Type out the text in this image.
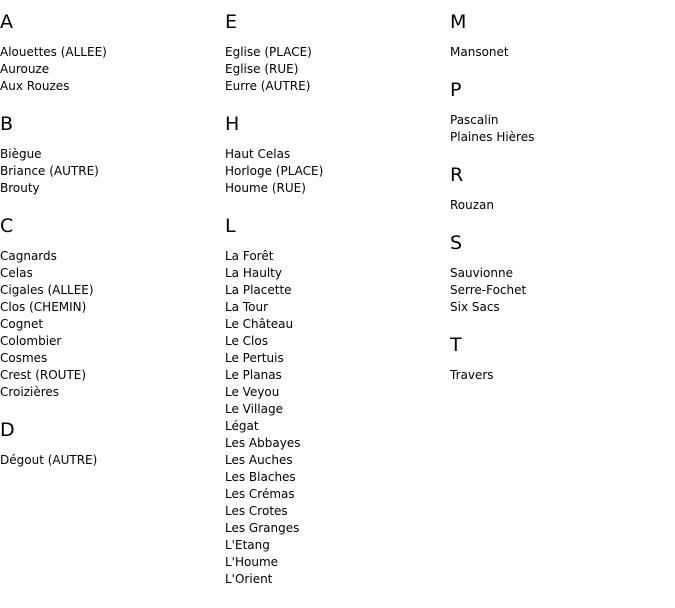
A
Alouettes (ALLEE)
Aurouze
Aux Rouzes
B
Biègue
Briance (AUTRE)
Brouty
C
Cagnards
Celas
Cigales (ALLEE)
Clos (CHEMIN)
Cognet
Colombier
Cosmes
Crest (ROUTE)
Croizières
D
Dégout (AUTRE)
E
Eglise (PLACE)
Eglise (RUE)
Eurre (AUTRE)
H
Haut Celas
Horloge (PLACE)
Houme (RUE)
L
La Forêt
La Haulty
La Placette
La Tour
Le Château
Le Clos
Le Pertuis
Le Planas
Le Veyou
Le Village
Légat
Les Abbayes
Les Auches
Les Blaches
Les Crémas
Les Crotes
Les Granges
L'Etang
L'Houme
L'Orient
M
Mansonet
P
Pascalin
Plaines Hières
R
Rouzan
S
Sauvionne
Serre-Fochet
Six Sacs
T
Travers
